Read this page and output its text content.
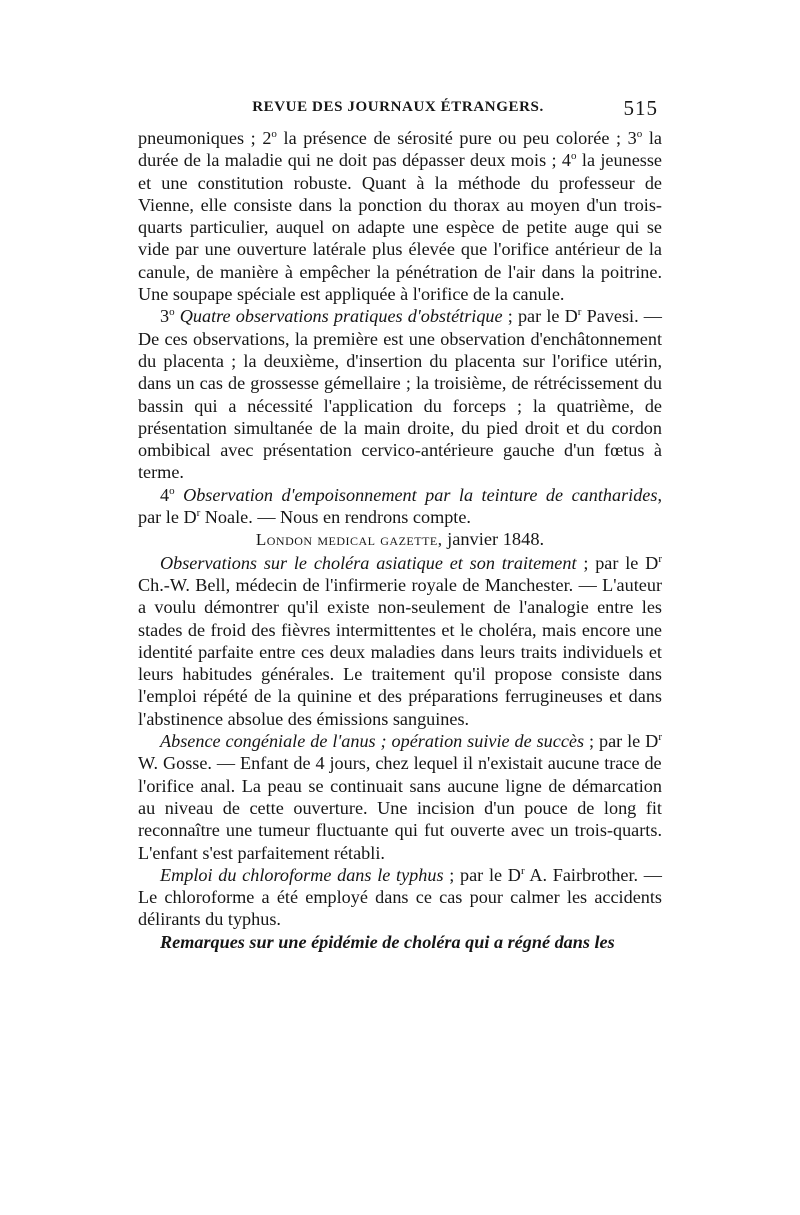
REVUE DES JOURNAUX ÉTRANGERS.	515

pneumoniques ; 2$^o$ la présence de sérosité pure ou peu colorée ; 3$^o$ la durée de la maladie qui ne doit pas dépasser deux mois ; 4$^o$ la jeunesse et une constitution robuste. Quant à la méthode du professeur de Vienne, elle consiste dans la ponction du thorax au moyen d'un trois-quarts particulier, auquel on adapte une espèce de petite auge qui se vide par une ouverture latérale plus élevée que l'orifice antérieur de la canule, de manière à empêcher la pénétration de l'air dans la poitrine. Une soupape spéciale est appliquée à l'orifice de la canule.

3$^o$ Quatre observations pratiques d'obstétrique ; par le $D^r$ Pavesi. — De ces observations, la première est une observation d'enchâtonnement du placenta ; la deuxième, d'insertion du placenta sur l'orifice utérin, dans un cas de grossesse gémellaire ; la troisième, de rétrécissement du bassin qui a nécessité l'application du forceps ; la quatrième, de présentation simultanée de la main droite, du pied droit et du cordon ombibical avec présentation cervico-antérieure gauche d'un fœtus à terme.

4$^o$ Observation d'empoisonnement par la teinture de cantharides, par le $D^r$ Noale. — Nous en rendrons compte.

London medical gazette, janvier 1848.

Observations sur le choléra asiatique et son traitement ; par le $D^r$ Ch.-W. Bell, médecin de l'infirmerie royale de Manchester. — L'auteur a voulu démontrer qu'il existe non-seulement de l'analogie entre les stades de froid des fièvres intermittentes et le choléra, mais encore une identité parfaite entre ces deux maladies dans leurs traits individuels et leurs habitudes générales. Le traitement qu'il propose consiste dans l'emploi répété de la quinine et des préparations ferrugineuses et dans l'abstinence absolue des émissions sanguines.

Absence congéniale de l'anus ; opération suivie de succès ; par le $D^r$ W. Gosse. — Enfant de 4 jours, chez lequel il n'existait aucune trace de l'orifice anal. La peau se continuait sans aucune ligne de démarcation au niveau de cette ouverture. Une incision d'un pouce de long fit reconnaître une tumeur fluctuante qui fut ouverte avec un trois-quarts. L'enfant s'est parfaitement rétabli.

Emploi du chloroforme dans le typhus ; par le $D^r$ A. Fairbrother. — Le chloroforme a été employé dans ce cas pour calmer les accidents délirants du typhus.

Remarques sur une épidémie de choléra qui a régné dans les
